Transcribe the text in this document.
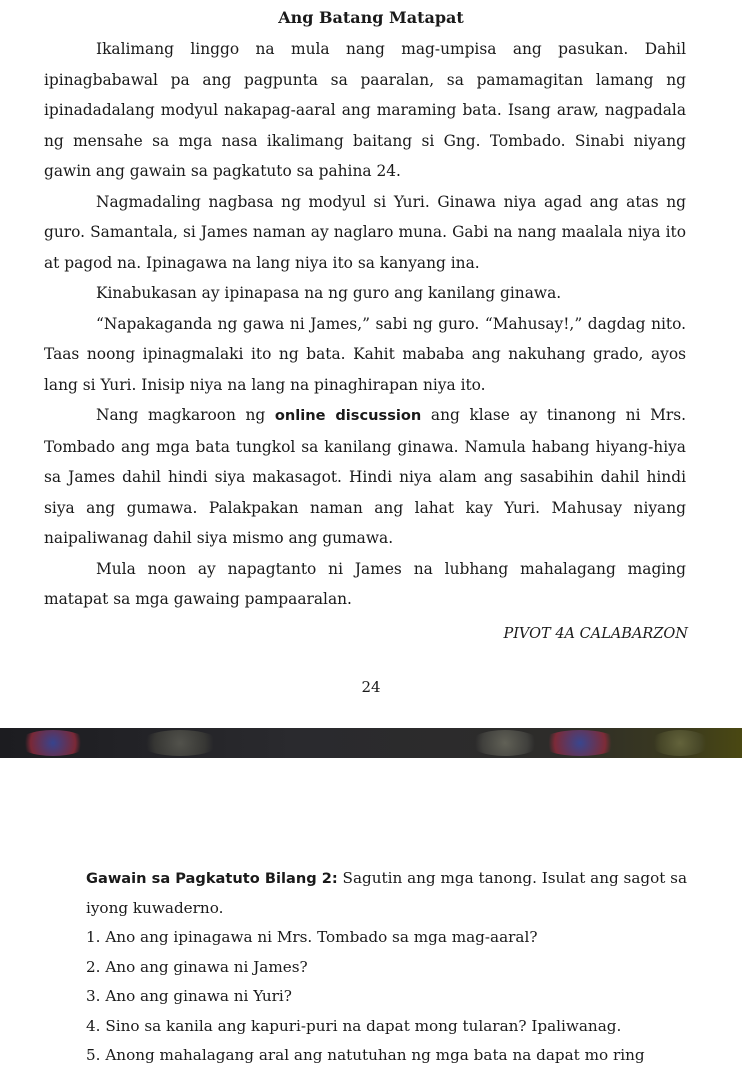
Ang Batang Matapat

Ikalimang linggo na mula nang mag-umpisa ang pasukan. Dahil ipinagbabawal pa ang pagpunta sa paaralan, sa pamamagitan lamang ng ipinadadalang modyul nakapag-aaral ang maraming bata. Isang araw, nagpadala ng mensahe sa mga nasa ikalimang baitang si Gng. Tombado. Sinabi niyang gawin ang gawain sa pagkatuto sa pahina 24.

Nagmadaling nagbasa ng modyul si Yuri. Ginawa niya agad ang atas ng guro. Samantala, si James naman ay naglaro muna. Gabi na nang maalala niya ito at pagod na. Ipinagawa na lang niya ito sa kanyang ina.

Kinabukasan ay ipinapasa na ng guro ang kanilang ginawa.

“Napakaganda ng gawa ni James,” sabi ng guro. “Mahusay!,” dagdag nito. Taas noong ipinagmalaki ito ng bata. Kahit mababa ang nakuhang grado, ayos lang si Yuri. Inisip niya na lang na pinaghirapan niya ito.

Nang magkaroon ng online discussion ang klase ay tinanong ni Mrs. Tombado ang mga bata tungkol sa kanilang ginawa. Namula habang hiyang-hiya sa James dahil hindi siya makasagot. Hindi niya alam ang sasabihin dahil hindi siya ang gumawa. Palakpakan naman ang lahat kay Yuri. Mahusay niyang naipaliwanag dahil siya mismo ang gumawa.

Mula noon ay napagtanto ni James na lubhang mahalagang maging matapat sa mga gawaing pampaaralan.

PIVOT 4A CALABARZON
24

Gawain sa Pagkatuto Bilang 2: Sagutin ang mga tanong. Isulat ang sagot sa iyong kuwaderno.

1. Ano ang ipinagawa ni Mrs. Tombado sa mga mag-aaral?
2. Ano ang ginawa ni James?
3. Ano ang ginawa ni Yuri?
4. Sino sa kanila ang kapuri-puri na dapat mong tularan? Ipaliwanag.
5. Anong mahalagang aral ang natutuhan ng mga bata na dapat mo ring
